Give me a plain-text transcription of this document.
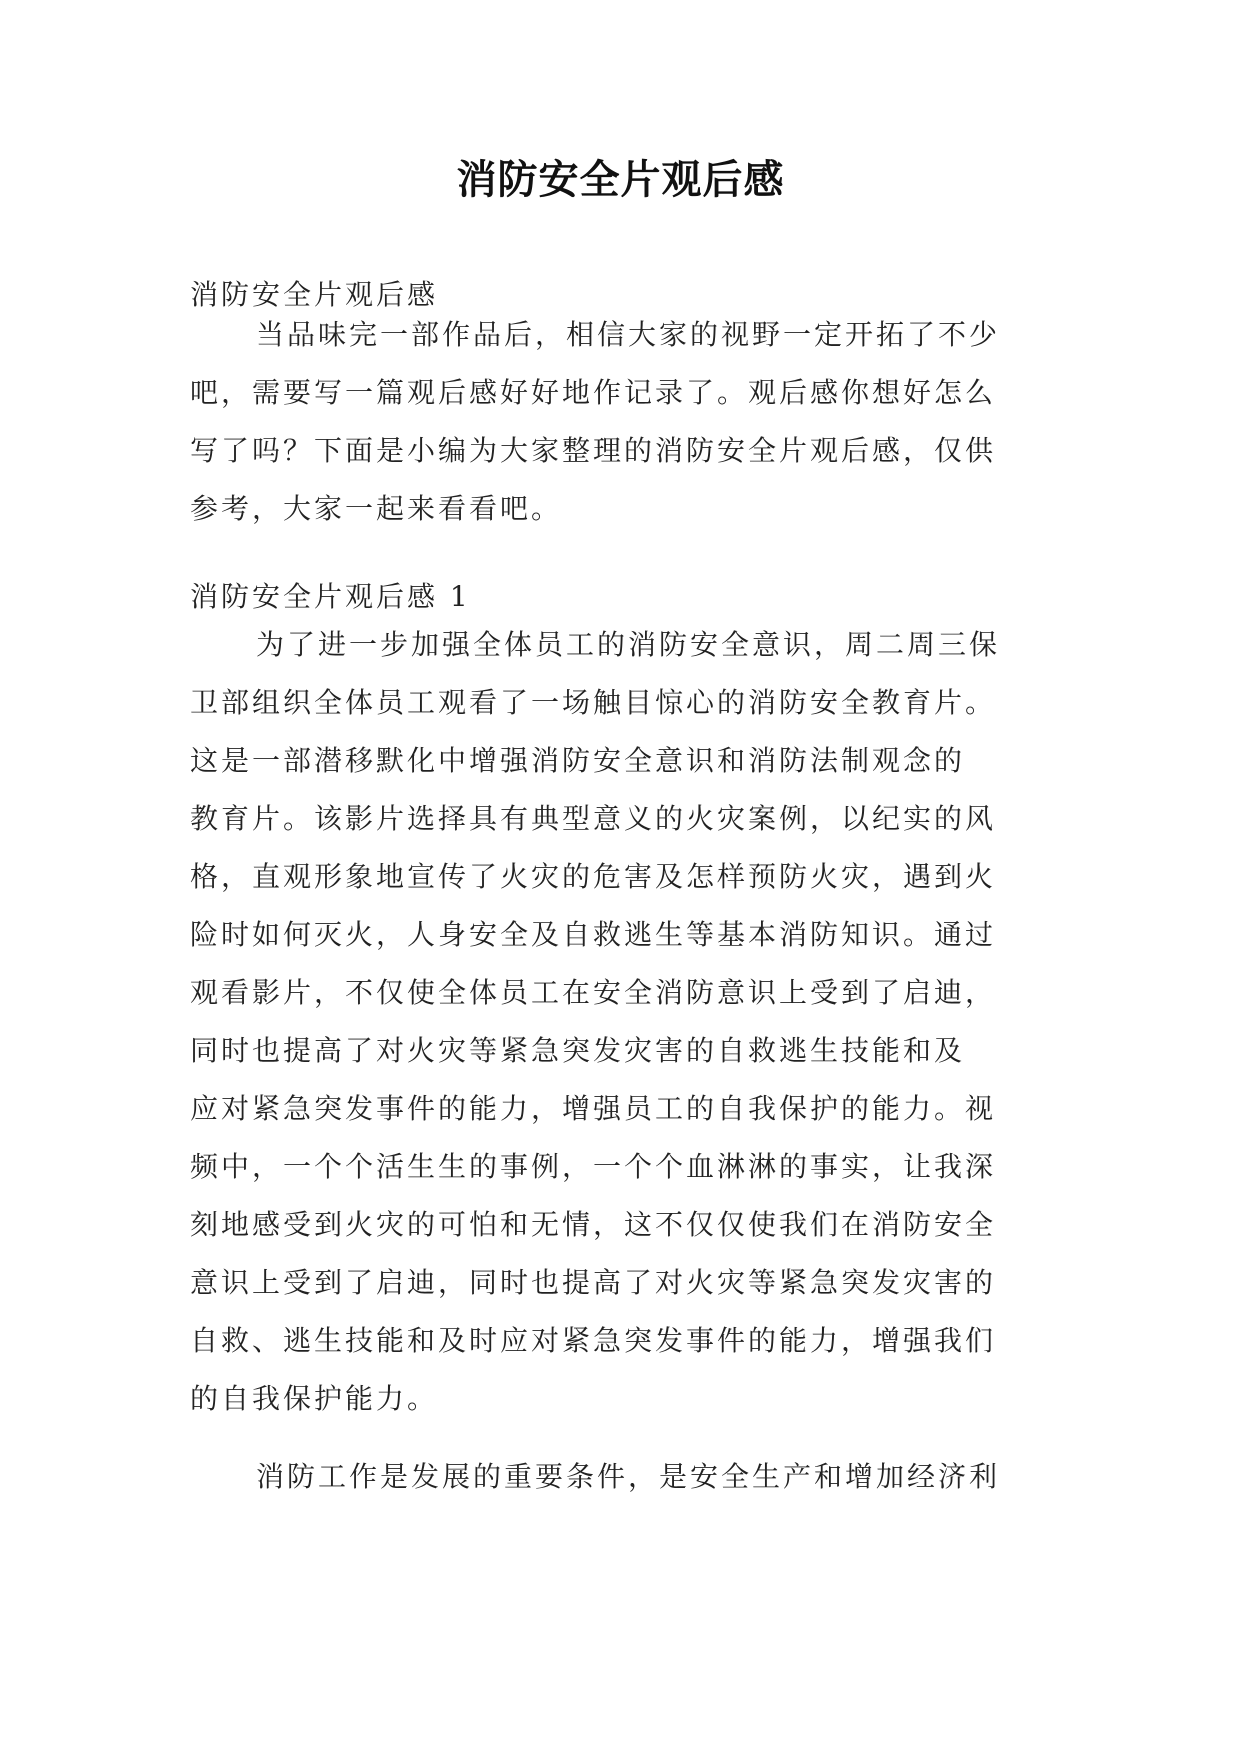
消防安全片观后感
消防安全片观后感
当品味完一部作品后，相信大家的视野一定开拓了不少
吧，需要写一篇观后感好好地作记录了。观后感你想好怎么
写了吗？下面是小编为大家整理的消防安全片观后感，仅供
参考，大家一起来看看吧。
消防安全片观后感 1
为了进一步加强全体员工的消防安全意识，周二周三保
卫部组织全体员工观看了一场触目惊心的消防安全教育片。
这是一部潜移默化中增强消防安全意识和消防法制观念的
教育片。该影片选择具有典型意义的火灾案例，以纪实的风
格，直观形象地宣传了火灾的危害及怎样预防火灾，遇到火
险时如何灭火，人身安全及自救逃生等基本消防知识。通过
观看影片，不仅使全体员工在安全消防意识上受到了启迪，
同时也提高了对火灾等紧急突发灾害的自救逃生技能和及
应对紧急突发事件的能力，增强员工的自我保护的能力。视
频中，一个个活生生的事例，一个个血淋淋的事实，让我深
刻地感受到火灾的可怕和无情，这不仅仅使我们在消防安全
意识上受到了启迪，同时也提高了对火灾等紧急突发灾害的
自救、逃生技能和及时应对紧急突发事件的能力，增强我们
的自我保护能力。
消防工作是发展的重要条件，是安全生产和增加经济利
